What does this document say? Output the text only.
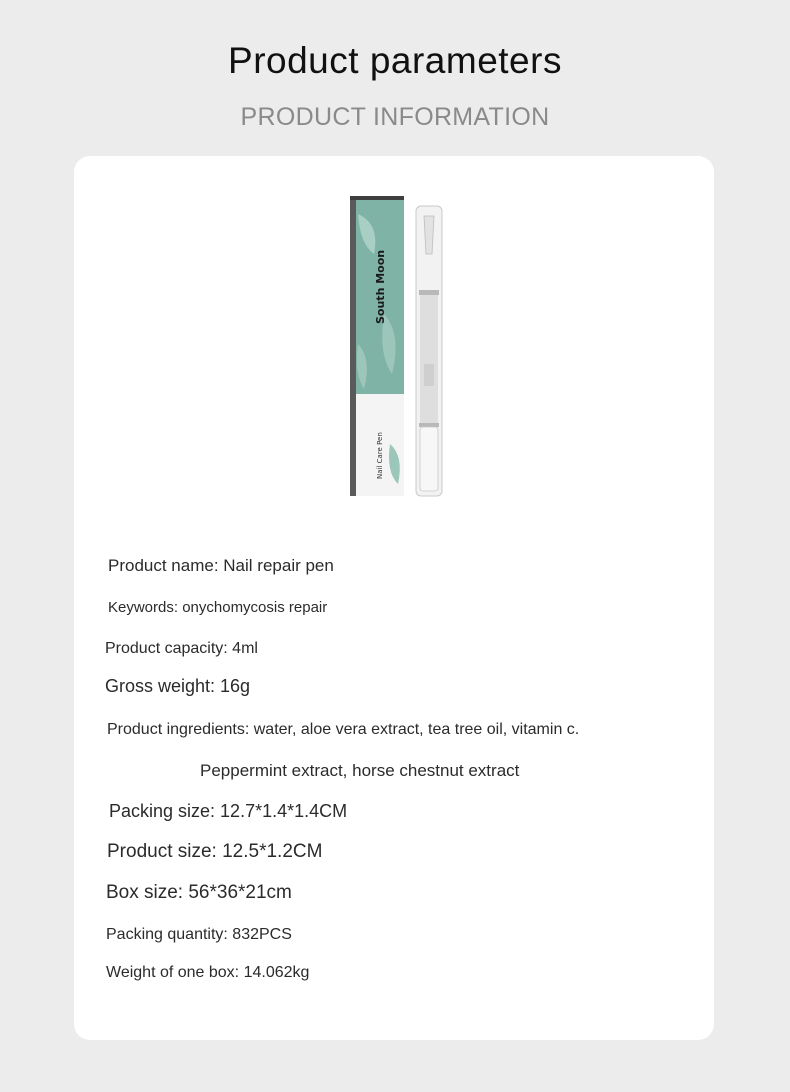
Product parameters
PRODUCT INFORMATION
South Moon
Nail Care Pen
Product name: Nail repair pen
Keywords: onychomycosis repair
Product capacity: 4ml
Gross weight: 16g
Product ingredients: water, aloe vera extract, tea tree oil, vitamin c.
Peppermint extract, horse chestnut extract
Packing size: 12.7*1.4*1.4CM
Product size: 12.5*1.2CM
Box size: 56*36*21cm
Packing quantity: 832PCS
Weight of one box: 14.062kg
